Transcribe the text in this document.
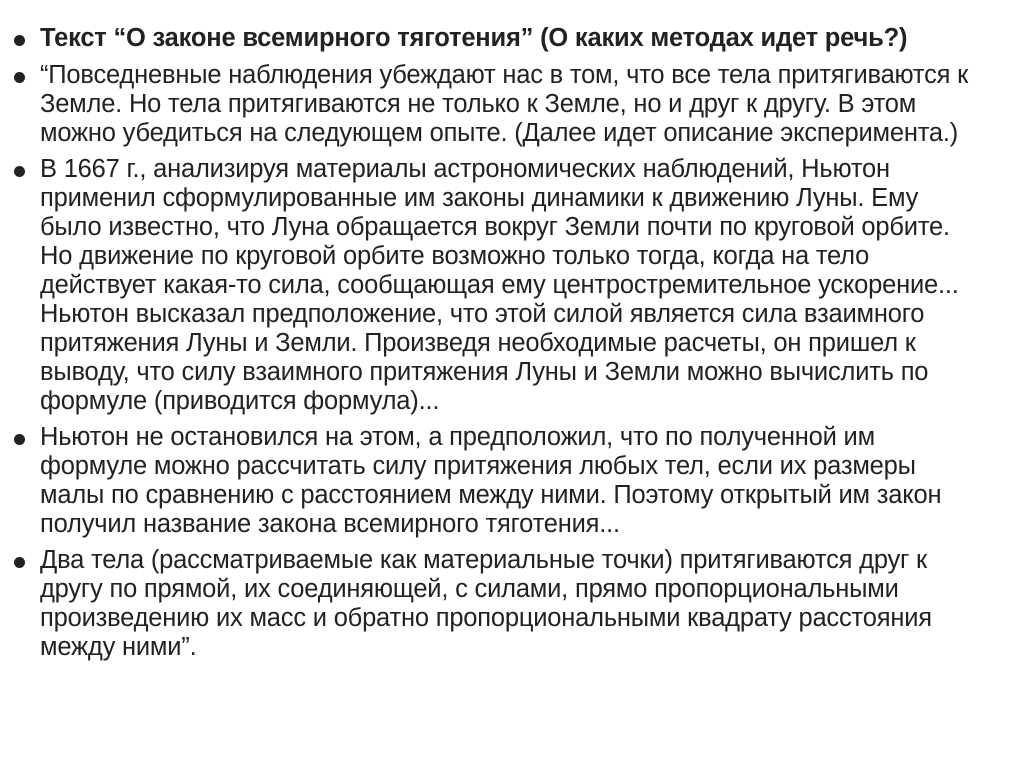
Текст “О законе всемирного тяготения” (О каких методах идет речь?)
“Повседневные наблюдения убеждают нас в том, что все тела притягиваются к Земле. Но тела притягиваются не только к Земле, но и друг к другу. В этом можно убедиться на следующем опыте. (Далее идет описание эксперимента.)
В 1667 г., анализируя материалы астрономических наблюдений, Ньютон применил сформулированные им законы динамики к движению Луны. Ему было известно, что Луна обращается вокруг Земли почти по круговой орбите. Но движение по круговой орбите возможно только тогда, когда на тело действует какая-то сила, сообщающая ему центростремительное ускорение... Ньютон высказал предположение, что этой силой является сила взаимного притяжения Луны и Земли. Произведя необходимые расчеты, он пришел к выводу, что силу взаимного притяжения Луны и Земли можно вычислить по формуле (приводится формула)...
Ньютон не остановился на этом, а предположил, что по полученной им формуле можно рассчитать силу притяжения любых тел, если их размеры малы по сравнению с расстоянием между ними. Поэтому открытый им закон получил название закона всемирного тяготения...
Два тела (рассматриваемые как материальные точки) притягиваются друг к другу по прямой, их соединяющей, с силами, прямо пропорциональными произведению их масс и обратно пропорциональными квадрату расстояния между ними”.
